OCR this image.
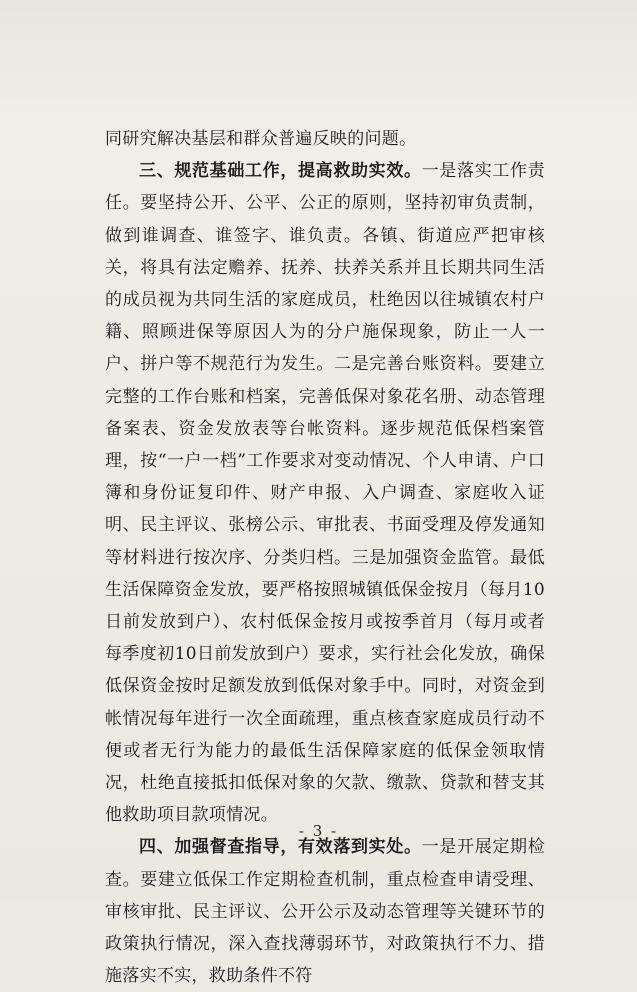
同研究解决基层和群众普遍反映的问题。

三、规范基础工作，提高救助实效。一是落实工作责任。要坚持公开、公平、公正的原则，坚持初审负责制，做到谁调查、谁签字、谁负责。各镇、街道应严把审核关，将具有法定赡养、抚养、扶养关系并且长期共同生活的成员视为共同生活的家庭成员，杜绝因以往城镇农村户籍、照顾进保等原因人为的分户施保现象，防止一人一户、拼户等不规范行为发生。二是完善台账资料。要建立完整的工作台账和档案，完善低保对象花名册、动态管理备案表、资金发放表等台帐资料。逐步规范低保档案管理，按“一户一档”工作要求对变动情况、个人申请、户口簿和身份证复印件、财产申报、入户调查、家庭收入证明、民主评议、张榜公示、审批表、书面受理及停发通知等材料进行按次序、分类归档。三是加强资金监管。最低生活保障资金发放，要严格按照城镇低保金按月（每月10日前发放到户）、农村低保金按月或按季首月（每月或者每季度初10日前发放到户）要求，实行社会化发放，确保低保资金按时足额发放到低保对象手中。同时，对资金到帐情况每年进行一次全面疏理，重点核查家庭成员行动不便或者无行为能力的最低生活保障家庭的低保金领取情况，杜绝直接抵扣低保对象的欠款、缴款、贷款和替支其他救助项目款项情况。

四、加强督查指导，有效落到实处。一是开展定期检查。要建立低保工作定期检查机制，重点检查申请受理、审核审批、民主评议、公开公示及动态管理等关键环节的政策执行情况，深入查找薄弱环节，对政策执行不力、措施落实不实，救助条件不符

- 3 -
